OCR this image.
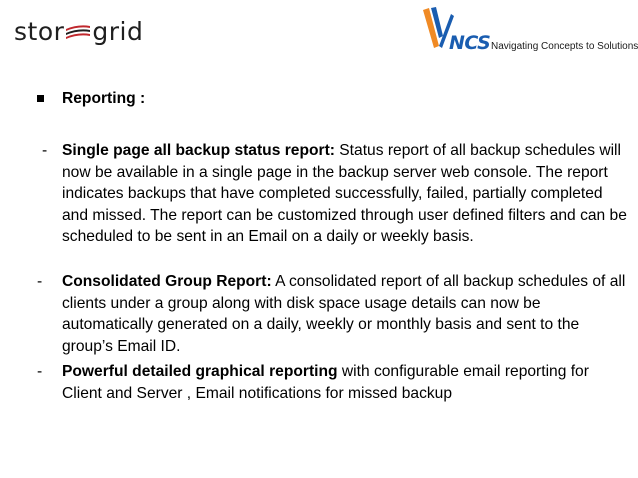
stor grid	NCS Navigating Concepts to Solutions
Reporting :
- Single page all backup status report: Status report of all backup schedules will now be available in a single page in the backup server web console. The report indicates backups that have completed successfully, failed, partially completed and missed. The report can be customized through user defined filters and can be scheduled to be sent in an Email on a daily or weekly basis.
- Consolidated Group Report: A consolidated report of all backup schedules of all clients under a group along with disk space usage details can now be automatically generated on a daily, weekly or monthly basis and sent to the group’s Email ID.
- Powerful detailed graphical reporting with configurable email reporting for Client and Server , Email notifications for missed backup
